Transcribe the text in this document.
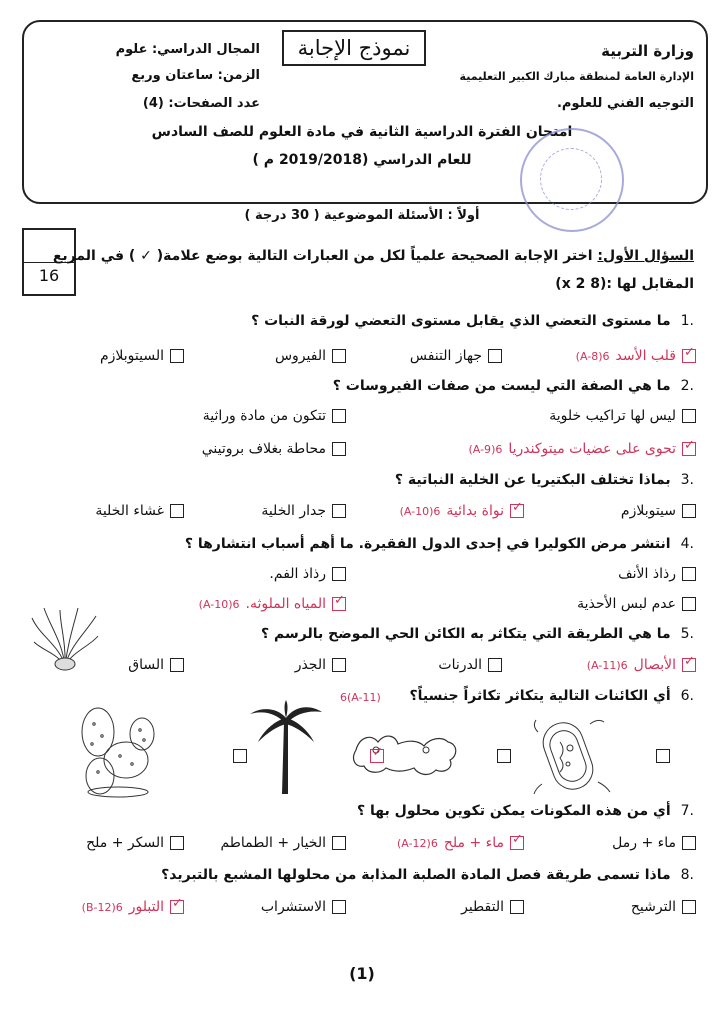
نموذج الإجابة	وزارة التربية
الإدارة العامة لمنطقة مبارك الكبير التعليمية
التوجيه الفني للعلوم.
المجال الدراسي: علوم
الزمن: ساعتان وربع
عدد الصفحات: (4)
امتحان الفترة الدراسية الثانية في مادة العلوم للصف السادس
للعام الدراسي (2019/2018 م )
أولاً : الأسئلة الموضوعية ( 30 درجة )
16
السؤال الأول: اختر الإجابة الصحيحة علمياً لكل من العبارات التالية بوضع علامة( ✓ ) في المربع
المقابل لها :(8 x 2)
.1ما مستوى التعضي الذي يقابل مستوى التعضي لورقة النبات ؟
✓
قلب الأسد
6(A-8)
جهاز التنفس
الفيروس
السيتوبلازم
.2ما هي الصفة التي ليست من صفات الفيروسات ؟
ليس لها تراكيب خلوية
تتكون من مادة وراثية
✓
تحوى على عضيات ميتوكندريا
6(A-9)
محاطة بغلاف بروتيني
.3بماذا تختلف البكتيريا عن الخلية النباتية ؟
سيتوبلازم
✓
نواة بدائية
6(A-10)
جدار الخلية
غشاء الخلية
.4انتشر مرض الكوليرا في إحدى الدول الفقيرة. ما أهم أسباب انتشارها ؟
رذاذ الأنف
رذاذ الفم.
عدم لبس الأحذية
✓
المياه الملوثه.
6(A-10)
.5ما هي الطريقة التي يتكاثر به الكائن الحي الموضح بالرسم ؟
✓
الأبصال
6(A-11)
الدرنات
الجذر
الساق
.6أي الكائنات التالية يتكاثر تكاثراً جنسياً؟
6(A-11)

✓
.7أي من هذه المكونات يمكن تكوين محلول بها ؟
ماء + رمل
✓
ماء + ملح
6(A-12)
الخيار + الطماطم
السكر + ملح
.8ماذا تسمى طريقة فصل المادة الصلبة المذابة من محلولها المشبع بالتبريد؟
الترشيح
التقطير
الاستشراب
✓
التبلور
6(B-12)
(1)
